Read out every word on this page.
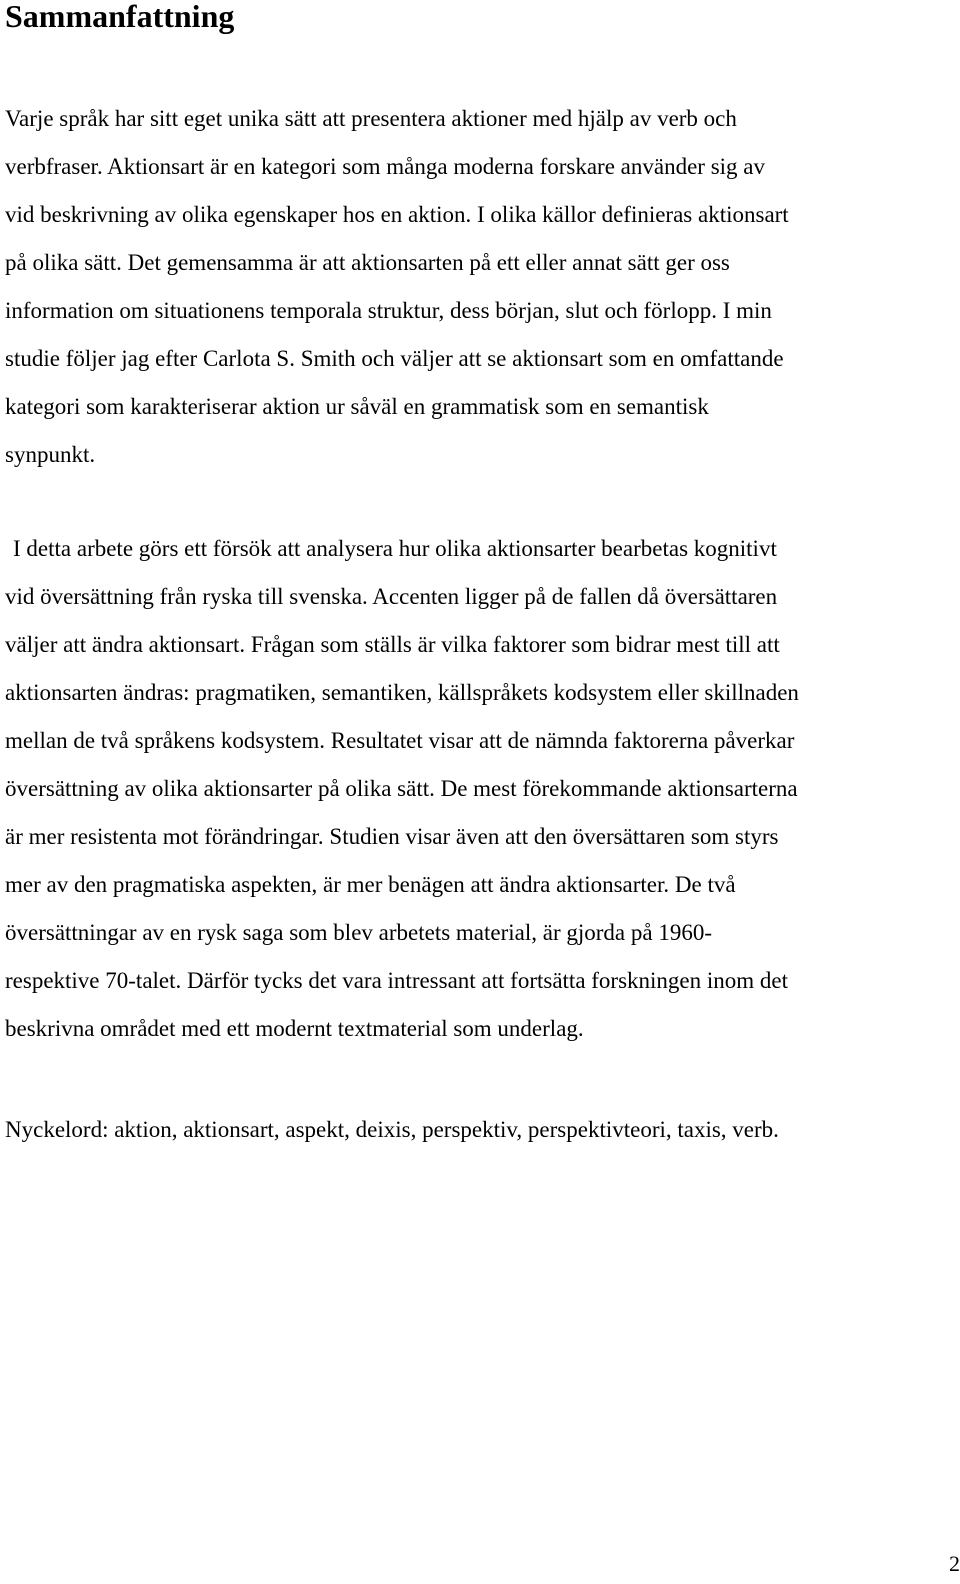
Sammanfattning

Varje språk har sitt eget unika sätt att presentera aktioner med hjälp av verb och
verbfraser. Aktionsart är en kategori som många moderna forskare använder sig av
vid beskrivning av olika egenskaper hos en aktion. I olika källor definieras aktionsart
på olika sätt. Det gemensamma är att aktionsarten på ett eller annat sätt ger oss
information om situationens temporala struktur, dess början, slut och förlopp. I min
studie följer jag efter Carlota S. Smith och väljer att se aktionsart som en omfattande
kategori som karakteriserar aktion ur såväl en grammatisk som en semantisk
synpunkt.

I detta arbete görs ett försök att analysera hur olika aktionsarter bearbetas kognitivt
vid översättning från ryska till svenska. Accenten ligger på de fallen då översättaren
väljer att ändra aktionsart. Frågan som ställs är vilka faktorer som bidrar mest till att
aktionsarten ändras: pragmatiken, semantiken, källspråkets kodsystem eller skillnaden
mellan de två språkens kodsystem. Resultatet visar att de nämnda faktorerna påverkar
översättning av olika aktionsarter på olika sätt. De mest förekommande aktionsarterna
är mer resistenta mot förändringar. Studien visar även att den översättaren som styrs
mer av den pragmatiska aspekten, är mer benägen att ändra aktionsarter. De två
översättningar av en rysk saga som blev arbetets material, är gjorda på 1960-
respektive 70-talet. Därför tycks det vara intressant att fortsätta forskningen inom det
beskrivna området med ett modernt textmaterial som underlag.

Nyckelord: aktion, aktionsart, aspekt, deixis, perspektiv, perspektivteori, taxis, verb.

2
